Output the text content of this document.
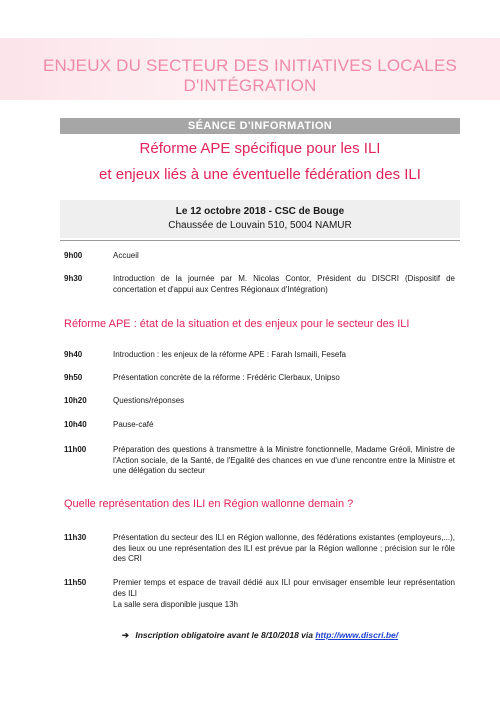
ENJEUX DU SECTEUR DES INITIATIVES LOCALES D'INTÉGRATION
SÉANCE D'INFORMATION
Réforme APE spécifique pour les ILI
et enjeux liés à une éventuelle fédération des ILI
Le 12 octobre 2018 - CSC de Bouge
Chaussée de Louvain 510, 5004 NAMUR
9h00	Accueil
9h30	Introduction de la journée par M. Nicolas Contor, Président du DISCRI (Dispositif de concertation et d'appui aux Centres Régionaux d'Intégration)
Réforme APE : état de la situation et des enjeux pour le secteur des ILI
9h40	Introduction : les enjeux de la réforme APE : Farah Ismaili, Fesefa
9h50	Présentation concrète de la réforme : Frédéric Clerbaux, Unipso
10h20	Questions/réponses
10h40	Pause-café
11h00	Préparation des questions à transmettre à la Ministre fonctionnelle, Madame Gréoli, Ministre de l'Action sociale, de la Santé, de l'Egalité des chances en vue d'une rencontre entre la Ministre et une délégation du secteur
Quelle représentation des ILI en Région wallonne demain ?
11h30	Présentation du secteur des ILI en Région wallonne, des fédérations existantes (employeurs,...), des lieux ou une représentation des ILI est prévue par la Région wallonne ; précision sur le rôle des CRI
11h50	Premier temps et espace de travail dédié aux ILI pour envisager ensemble leur représentation des ILI
La salle sera disponible jusque 13h
➔ Inscription obligatoire avant le 8/10/2018 via http://www.discri.be/
